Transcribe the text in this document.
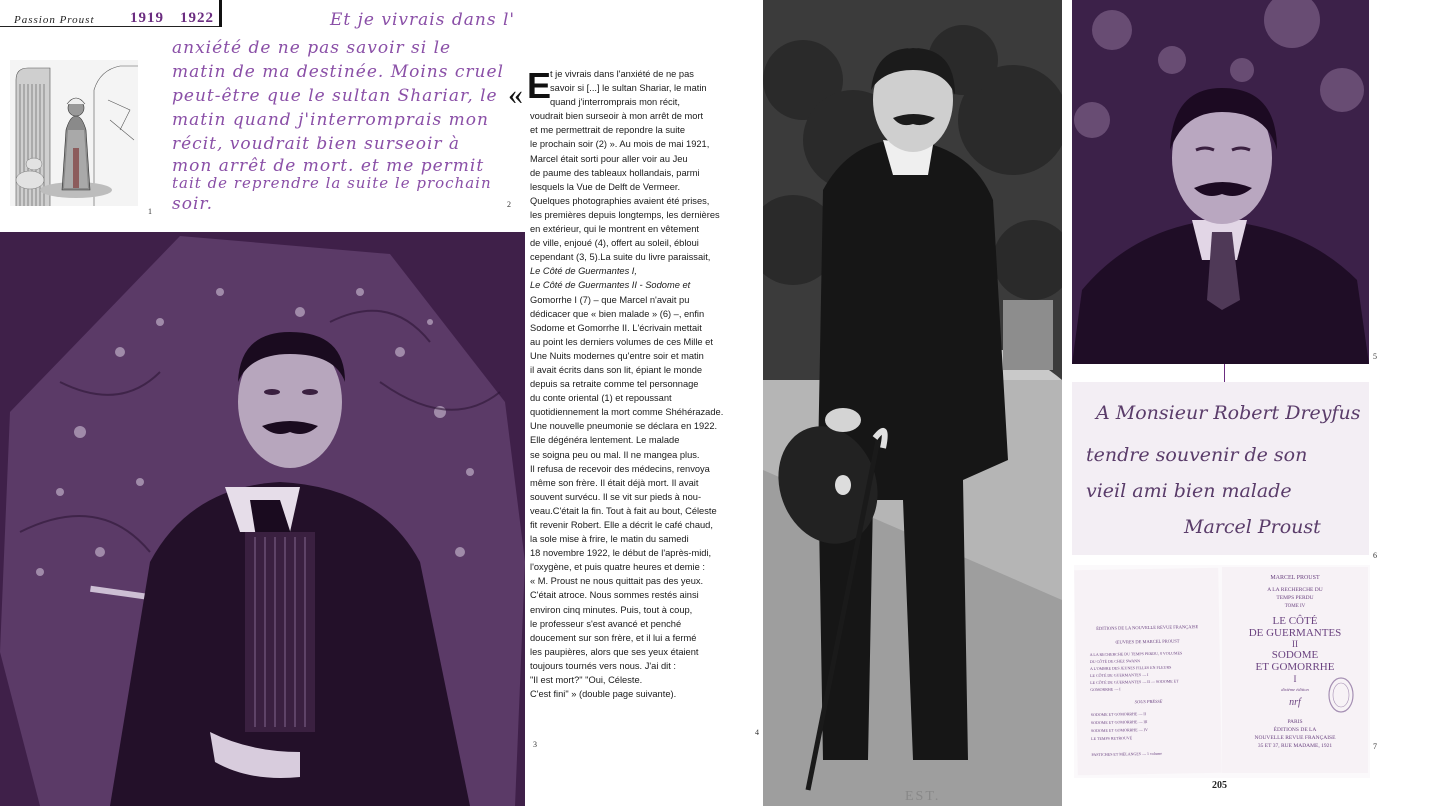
Passion Proust 1919 1922
1
Et je vivrais dans l'
anxiété de ne pas savoir si le
matin de ma destinée. Moins cruel
peut-être que le sultan Shariar, le
matin quand j'interromprais mon
récit, voudrait bien surseoir à
mon arrêt de mort. et me permit
tait de reprendre la suite le prochain
soir.	2
3
« E
t je vivrais dans l'anxiété de ne pas
savoir si [...] le sultan Shariar, le matin
quand j'interromprais mon récit,
voudrait bien surseoir à mon arrêt de mort
et me permettrait de repondre la suite
le prochain soir (2) ». Au mois de mai 1921,
Marcel était sorti pour aller voir au Jeu
de paume des tableaux hollandais, parmi
lesquels la Vue de Delft de Vermeer.
Quelques photographies avaient été prises,
les premières depuis longtemps, les dernières
en extérieur, qui le montrent en vêtement
de ville, enjoué (4), offert au soleil, ébloui
cependant (3, 5).La suite du livre paraissait,
Le Côté de Guermantes I,
Le Côté de Guermantes II - Sodome et
Gomorrhe I (7) – que Marcel n'avait pu
dédicacer que « bien malade » (6) –, enfin
Sodome et Gomorrhe II. L'écrivain mettait
au point les derniers volumes de ces Mille et
Une Nuits modernes qu'entre soir et matin
il avait écrits dans son lit, épiant le monde
depuis sa retraite comme tel personnage
du conte oriental (1) et repoussant
quotidiennement la mort comme Shéhérazade.
Une nouvelle pneumonie se déclara en 1922.
Elle dégénéra lentement. Le malade
se soigna peu ou mal. Il ne mangea plus.
Il refusa de recevoir des médecins, renvoya
même son frère. Il était déjà mort. Il avait
souvent survécu. Il se vit sur pieds à nou-
veau.C'était la fin. Tout à fait au bout, Céleste
fit revenir Robert. Elle a décrit le café chaud,
la sole mise à frire, le matin du samedi
18 novembre 1922, le début de l'après-midi,
l'oxygène, et puis quatre heures et demie :
« M. Proust ne nous quittait pas des yeux.
C'était atroce. Nous sommes restés ainsi
environ cinq minutes. Puis, tout à coup,
le professeur s'est avancé et penché
doucement sur son frère, et il lui a fermé
les paupières, alors que ses yeux étaient
toujours tournés vers nous. J'ai dit :
"Il est mort?" "Oui, Céleste.
C'est fini" » (double page suivante).
EST.
4
5
A Monsieur Robert Dreyfus
tendre souvenir de son
vieil ami bien malade
Marcel Proust
6
ÉDITIONS DE LA NOUVELLE REVUE FRANÇAISE
ŒUVRES DE MARCEL PROUST
A LA RECHERCHE DU TEMPS PERDU, 8 VOLUMES
DU CÔTÉ DE CHEZ SWANN
A L'OMBRE DES JEUNES FILLES EN FLEURS
LE CÔTÉ DE GUERMANTES — I
LE CÔTÉ DE GUERMANTES — II — SODOME ET
GOMORRHE — I
SOUS PRESSE
SODOME ET GOMORRHE — II
SODOME ET GOMORRHE — III
SODOME ET GOMORRHE — IV
LE TEMPS RETROUVÉ
PASTICHES ET MÉLANGES — 1 volume
MARCEL PROUST
A LA RECHERCHE DU
TEMPS PERDU
TOME IV
LE CÔTÉ
DE GUERMANTES
II
SODOME
ET GOMORRHE
I
dixième édition
nrf
PARIS
ÉDITIONS DE LA
NOUVELLE REVUE FRANÇAISE
35 ET 37, RUE MADAME, 1921	7
205
